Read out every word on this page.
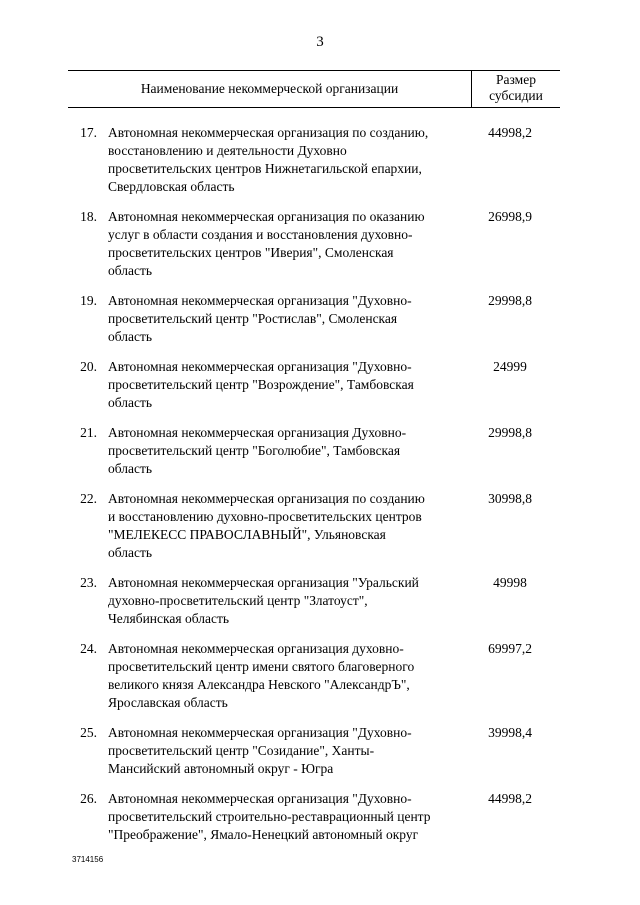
3
Наименование некоммерческой организации
Размер
субсидии
17. Автономная некоммерческая организация по созданию,
восстановлению и деятельности Духовно
просветительских центров Нижнетагильской епархии,
Свердловская область
44998,2
18. Автономная некоммерческая организация по оказанию
услуг в области создания и восстановления духовно-
просветительских центров "Иверия", Смоленская
область
26998,9
19. Автономная некоммерческая организация "Духовно-
просветительский центр "Ростислав", Смоленская
область
29998,8
20. Автономная некоммерческая организация "Духовно-
просветительский центр "Возрождение", Тамбовская
область
24999
21. Автономная некоммерческая организация Духовно-
просветительский центр "Боголюбие", Тамбовская
область
29998,8
22. Автономная некоммерческая организация по созданию
и восстановлению духовно-просветительских центров
"МЕЛЕКЕСС ПРАВОСЛАВНЫЙ", Ульяновская
область
30998,8
23. Автономная некоммерческая организация "Уральский
духовно-просветительский центр "Златоуст",
Челябинская область
49998
24. Автономная некоммерческая организация духовно-
просветительский центр имени святого благоверного
великого князя Александра Невского "АлександрЪ",
Ярославская область
69997,2
25. Автономная некоммерческая организация "Духовно-
просветительский центр "Созидание", Ханты-
Мансийский автономный округ - Югра
39998,4
26. Автономная некоммерческая организация "Духовно-
просветительский строительно-реставрационный центр
"Преображение", Ямало-Ненецкий автономный округ
44998,2
3714156
